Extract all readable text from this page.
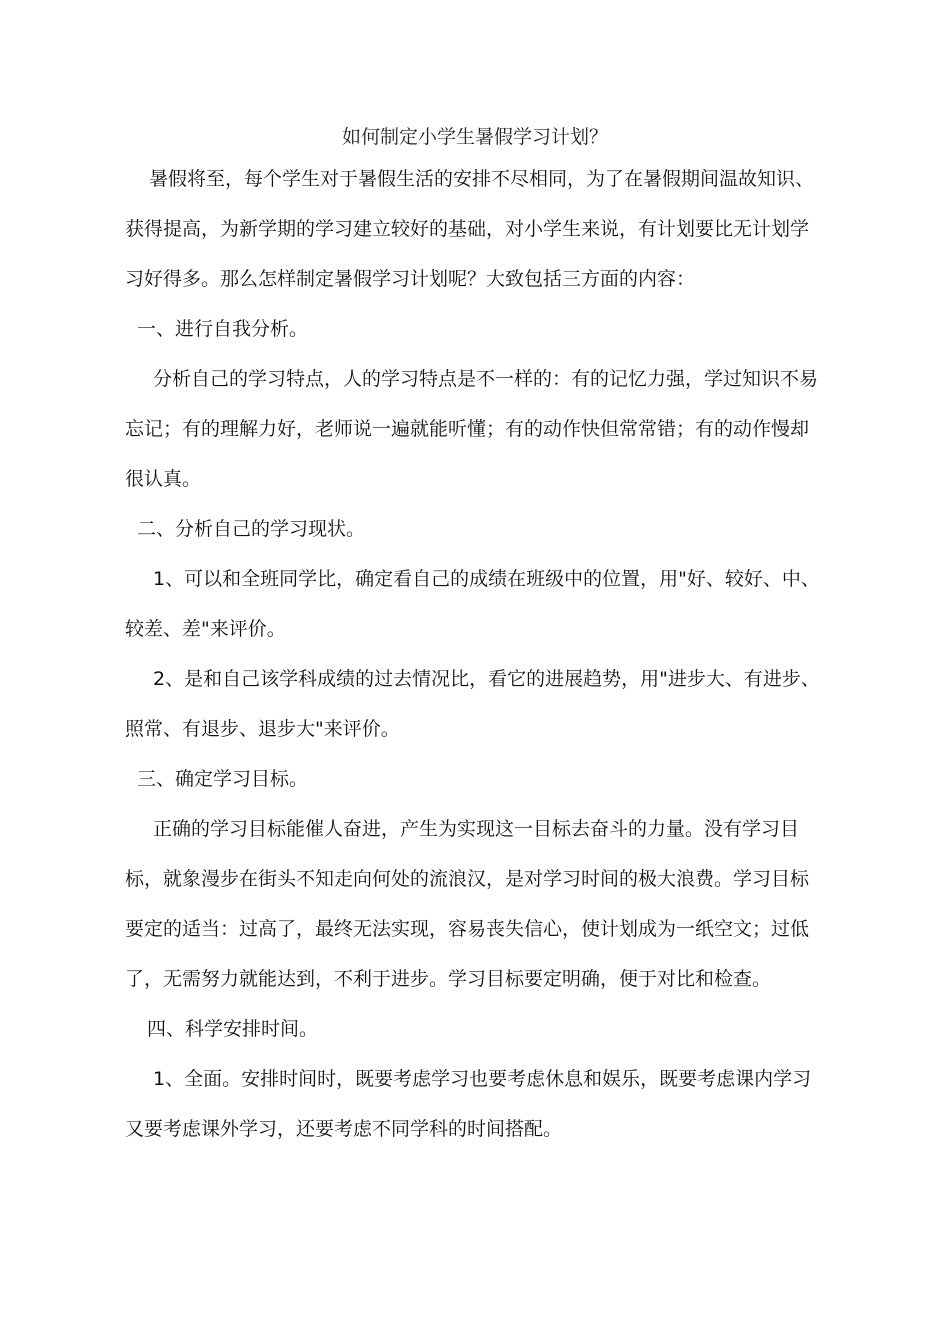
如何制定小学生暑假学习计划？

暑假将至，每个学生对于暑假生活的安排不尽相同，为了在暑假期间温故知识、获得提高，为新学期的学习建立较好的基础，对小学生来说，有计划要比无计划学习好得多。那么怎样制定暑假学习计划呢？大致包括三方面的内容：

一、进行自我分析。

分析自己的学习特点，人的学习特点是不一样的：有的记忆力强，学过知识不易忘记；有的理解力好，老师说一遍就能听懂；有的动作快但常常错；有的动作慢却很认真。

二、分析自己的学习现状。

1、可以和全班同学比，确定看自己的成绩在班级中的位置，用"好、较好、中、较差、差"来评价。

2、是和自己该学科成绩的过去情况比，看它的进展趋势，用"进步大、有进步、照常、有退步、退步大"来评价。

三、确定学习目标。

正确的学习目标能催人奋进，产生为实现这一目标去奋斗的力量。没有学习目标，就象漫步在街头不知走向何处的流浪汉，是对学习时间的极大浪费。学习目标要定的适当：过高了，最终无法实现，容易丧失信心，使计划成为一纸空文；过低了，无需努力就能达到，不利于进步。学习目标要定明确，便于对比和检查。

四、科学安排时间。

1、全面。安排时间时，既要考虑学习也要考虑休息和娱乐，既要考虑课内学习又要考虑课外学习，还要考虑不同学科的时间搭配。
